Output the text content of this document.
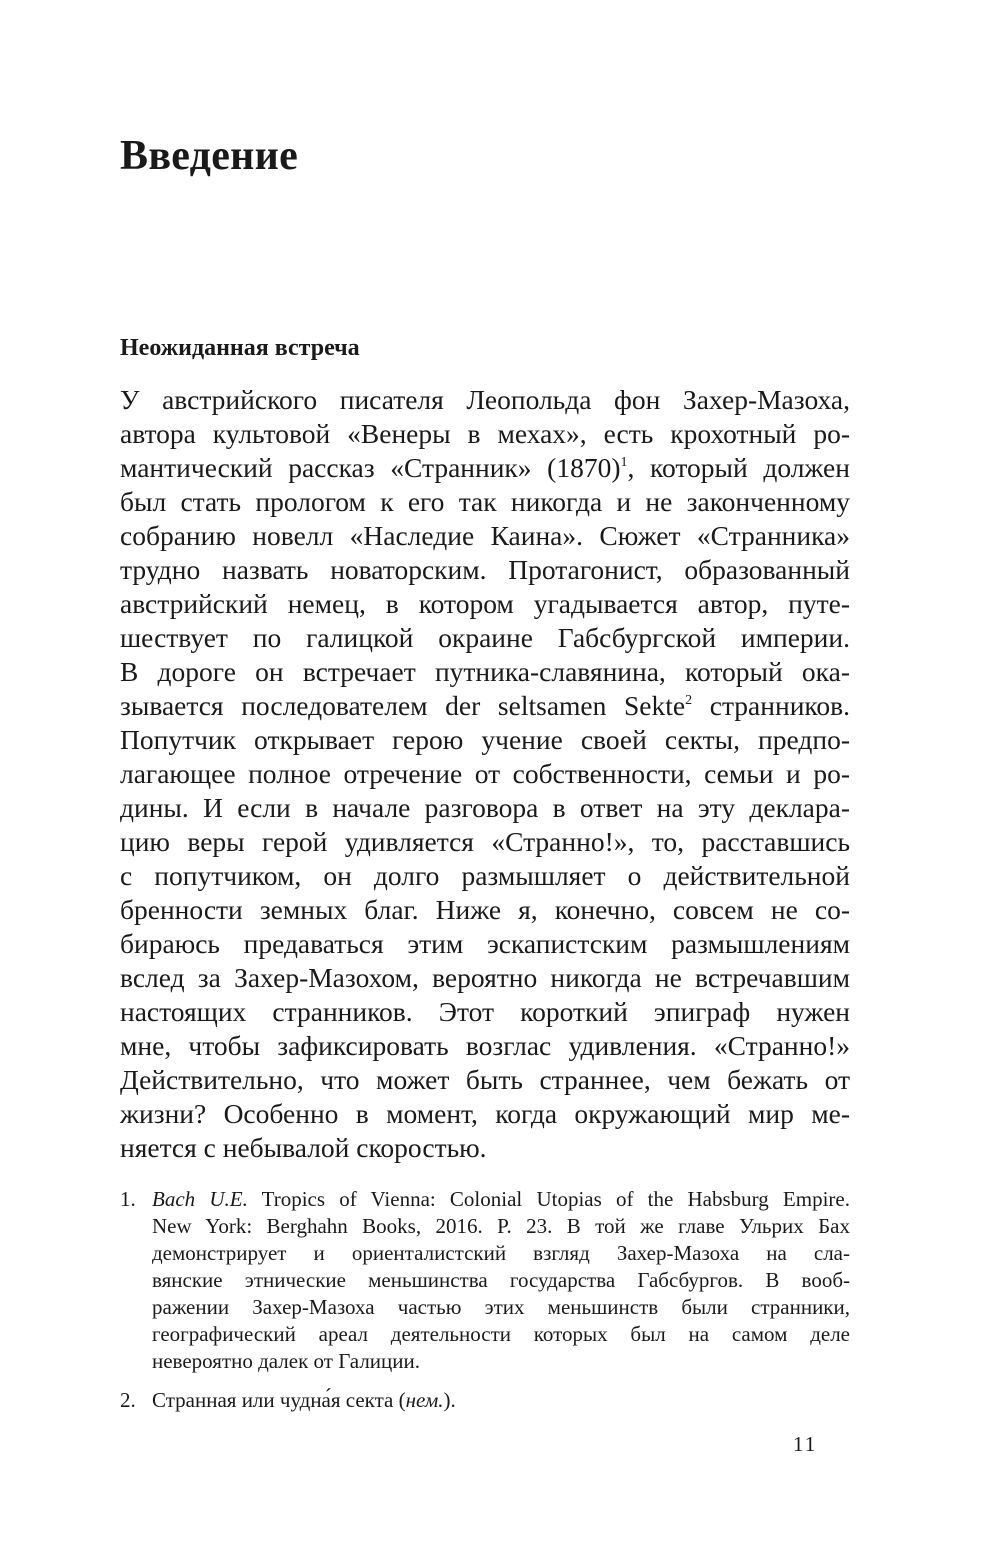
Введение
Неожиданная встреча
У австрийского писателя Леопольда фон Захер-Мазоха,
автора культовой «Венеры в мехах», есть крохотный ро-
мантический рассказ «Странник» $(1870)^1$, который должен
был стать прологом к его так никогда и не законченному
собранию новелл «Наследие Каина». Сюжет «Странника»
трудно назвать новаторским. Протагонист, образованный
австрийский немец, в котором угадывается автор, путе-
шествует по галицкой окраине Габсбургской империи.
В дороге он встречает путника-славянина, который ока-
зывается последователем der seltsamen Sekte$^2$ странников.
Попутчик открывает герою учение своей секты, предпо-
лагающее полное отречение от собственности, семьи и ро-
дины. И если в начале разговора в ответ на эту деклара-
цию веры герой удивляется «Странно!», то, расставшись
с попутчиком, он долго размышляет о действительной
бренности земных благ. Ниже я, конечно, совсем не со-
бираюсь предаваться этим эскапистским размышлениям
вслед за Захер-Мазохом, вероятно никогда не встречавшим
настоящих странников. Этот короткий эпиграф нужен
мне, чтобы зафиксировать возглас удивления. «Странно!»
Действительно, что может быть страннее, чем бежать от
жизни? Особенно в момент, когда окружающий мир ме-
няется с небывалой скоростью.
1. Bach U.E. Tropics of Vienna: Colonial Utopias of the Habsburg Empire.
New York: Berghahn Books, 2016. P. 23. В той же главе Ульрих Бах
демонстрирует и ориенталистский взгляд Захер-Мазоха на сла-
вянские этнические меньшинства государства Габсбургов. В вооб-
ражении Захер-Мазоха частью этих меньшинств были странники,
географический ареал деятельности которых был на самом деле
невероятно далек от Галиции.
2. Странная или чудна́я секта (нем.).
11
